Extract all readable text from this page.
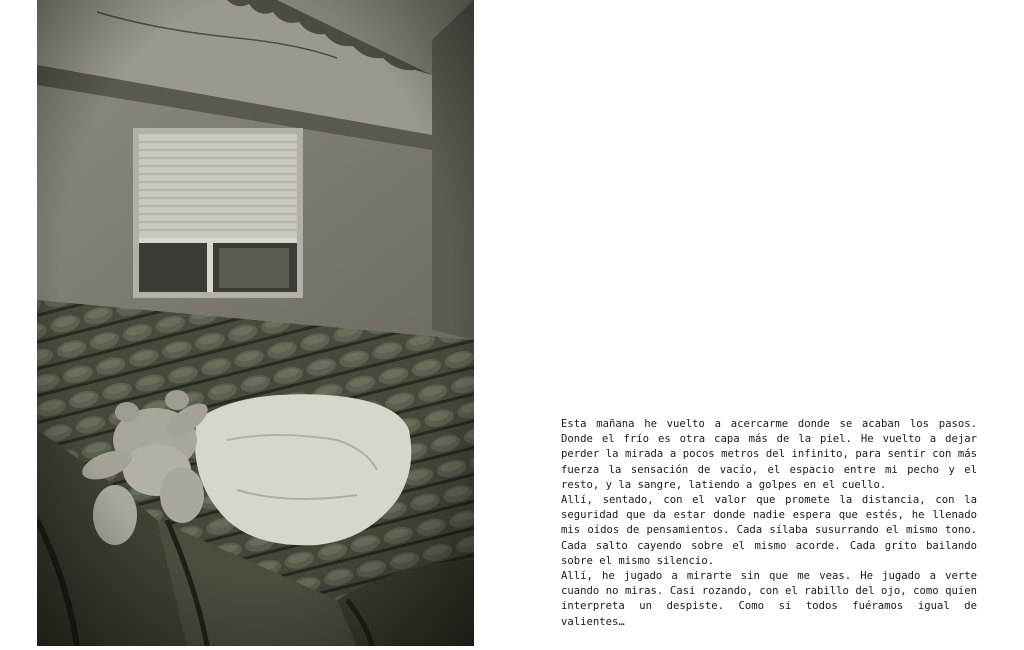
Esta mañana he vuelto a acercarme donde se acaban los pasos. Donde el frío es otra capa más de la piel. He vuelto a dejar perder la mirada a pocos metros del infinito, para sentir con más fuerza la sensación de vacío, el espacio entre mi pecho y el resto, y la sangre, latiendo a golpes en el cuello.

Allí, sentado, con el valor que promete la distancia, con la seguridad que da estar donde nadie espera que estés, he llenado mis oídos de pensamientos. Cada sílaba susurrando el mismo tono. Cada salto cayendo sobre el mismo acorde. Cada grito bailando sobre el mismo silencio.

Allí, he jugado a mirarte sin que me veas. He jugado a verte cuando no miras. Casi rozando, con el rabillo del ojo, como quien interpreta un despiste. Como si todos fuéramos igual de valientes…
